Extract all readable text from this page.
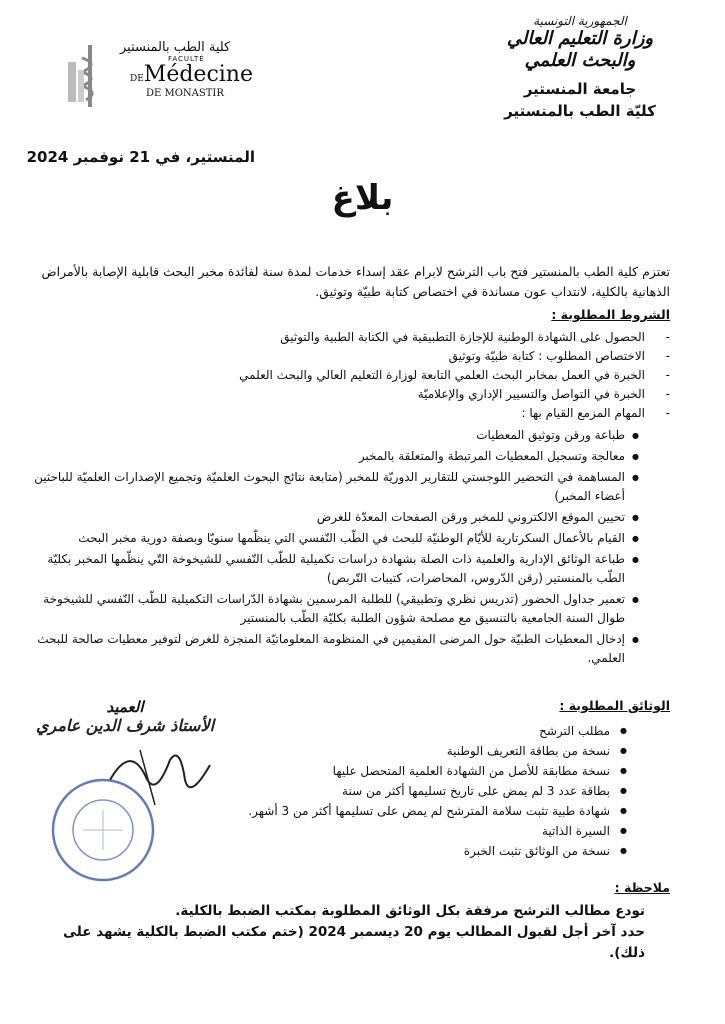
الجمهورية التونسية
وزارة التعليم العالي
والبحث العلمي
جامعة المنستير
كليّة الطب بالمنستير
كلية الطب بالمنستير
FACULTÉ
DEMédecine
DE MONASTIR
المنستير، في 21 نوفمبر 2024
بلاغ
تعتزم كلية الطب بالمنستير فتح باب الترشح لابرام عقد إسداء خدمات لمدة سنة لفائدة مخبر البحث قابلية الإصابة بالأمراض الذهانية بالكلية، لانتداب عون مساندة في اختصاص كتابة طبيّة وتوثيق.
الشروط المطلوبة :
- الحصول على الشهادة الوطنية للإجازة التطبيقية في الكتابة الطبية والتوثيق
- الاختصاص المطلوب : كتابة طبيّة وتوثيق
- الخبرة في العمل بمخابر البحث العلمي التابعة لوزارة التعليم العالي والبحث العلمي
- الخبرة في التواصل والتسيير الإداري والإعلاميّة
- المهام المزمع القيام بها :
● طباعة ورقن وتوثيق المعطيات
● معالجة وتسجيل المعطيات المرتبطة والمتعلقة بالمخبر
● المساهمة في التحضير اللوجستي للتقارير الدوريّة للمخبر (متابعة نتائج البحوث العلميّة وتجميع الإصدارات العلميّة للباحثين أعضاء المخبر)
● تحيين الموقع الالكتروني للمخبر ورقن الصفحات المعدّة للغرض
● القيام بالأعمال السكرتارية للأيّام الوطنيّة للبحث في الطّب النّفسي التي ينظّمها سنويّا وبصفة دورية مخبر البحث
● طباعة الوثائق الإدارية والعلمية ذات الصلة بشهادة دراسات تكميلية للطّب النّفسي للشيخوخة التّي ينظّمها المخبر بكليّة الطّب بالمنستير (رقن الدّروس، المحاضرات، كتيبات التّربص)
● تعمير جداول الحضور (تدريس نظري وتطبيقي) للطلبة المرسمين بشهادة الدّراسات التكميلية للطّب النّفسي للشيخوخة طوال السنة الجامعية بالتنسيق مع مصلحة شؤون الطلبة بكليّة الطّب بالمنستير
● إدخال المعطيات الطبيّة حول المرضى المقيمين في المنظومة المعلوماتيّة المنجزة للغرض لتوفير معطيات صالحة للبحث العلمي.
الوثائق المطلوبة :
● مطلب الترشح
● نسخة من بطاقة التعريف الوطنية
● نسخة مطابقة للأصل من الشهادة العلمية المتحصل عليها
● بطاقة عدد 3 لم يمض على تاريخ تسليمها أكثر من سنة
● شهادة طبية تثبت سلامة المترشح لم يمض على تسليمها أكثر من 3 أشهر.
● السيرة الذاتية
● نسخة من الوثائق تثبت الخبرة
العميد
الأستاذ شرف الدين عامري
ملاحظة :
تودع مطالب الترشح مرفقة بكل الوثائق المطلوبة بمكتب الضبط بالكلية.
حدد آخر أجل لقبول المطالب يوم 20 ديسمبر 2024 (ختم مكتب الضبط بالكلية يشهد على ذلك).
